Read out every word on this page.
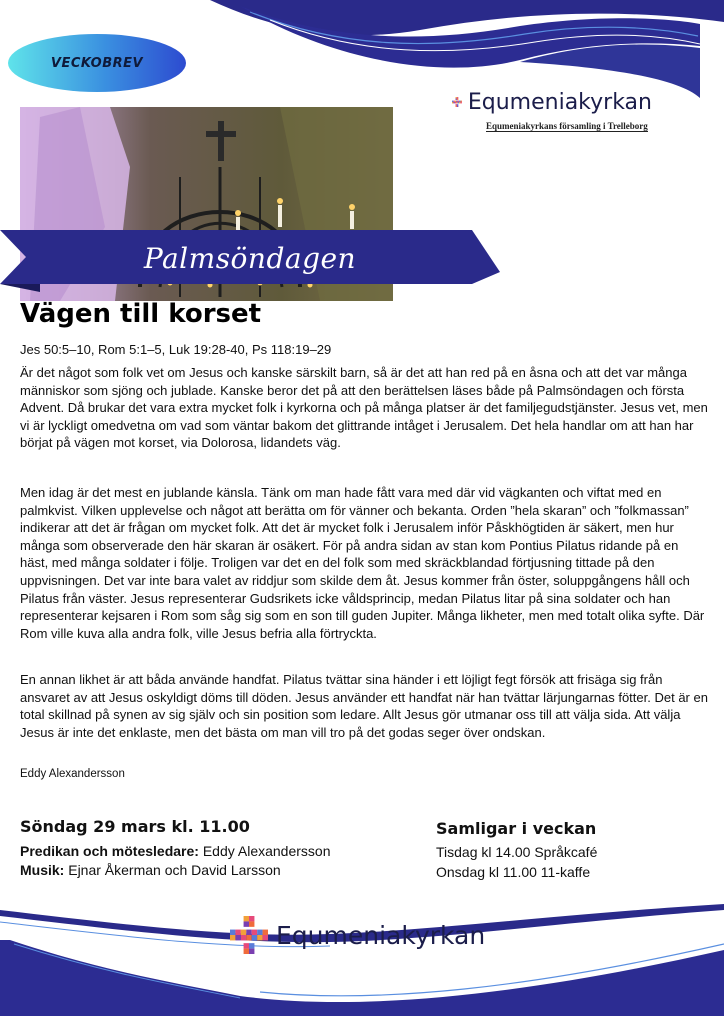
VECKOBREV
Equmeniakyrkan
Equmeniakyrkans församling i Trelleborg
Palmsöndagen
Vägen till korset
Jes 50:5–10, Rom 5:1–5, Luk 19:28-40, Ps 118:19–29

Är det något som folk vet om Jesus och kanske särskilt barn, så är det att han red på en åsna och att det var många människor som sjöng och jublade. Kanske beror det på att den berättelsen läses både på Palmsöndagen och första Advent. Då brukar det vara extra mycket folk i kyrkorna och på många platser är det familjegudstjänster. Jesus vet, men vi är lyckligt omedvetna om vad som väntar bakom det glittrande intåget i Jerusalem. Det hela handlar om att han har börjat på vägen mot korset, via Dolorosa, lidandets väg.

Men idag är det mest en jublande känsla. Tänk om man hade fått vara med där vid vägkanten och viftat med en palmkvist. Vilken upplevelse och något att berätta om för vänner och bekanta. Orden ”hela skaran” och ”folkmassan” indikerar att det är frågan om mycket folk. Att det är mycket folk i Jerusalem inför Påskhögtiden är säkert, men hur många som observerade den här skaran är osäkert. För på andra sidan av stan kom Pontius Pilatus ridande på en häst, med många soldater i följe. Troligen var det en del folk som med skräckblandad förtjusning tittade på den uppvisningen. Det var inte bara valet av riddjur som skilde dem åt. Jesus kommer från öster, soluppgångens håll och Pilatus från väster. Jesus representerar Gudsrikets icke våldsprincip, medan Pilatus litar på sina soldater och han representerar kejsaren i Rom som såg sig som en son till guden Jupiter. Många likheter, men med totalt olika syfte. Där Rom ville kuva alla andra folk, ville Jesus befria alla förtryckta.

En annan likhet är att båda använde handfat. Pilatus tvättar sina händer i ett löjligt fegt försök att frisäga sig från ansvaret av att Jesus oskyldigt döms till döden. Jesus använder ett handfat när han tvättar lärjungarnas fötter. Det är en total skillnad på synen av sig själv och sin position som ledare. Allt Jesus gör utmanar oss till att välja sida. Att välja Jesus är inte det enklaste, men det bästa om man vill tro på det godas seger över ondskan.

Eddy Alexandersson
Söndag 29 mars kl. 11.00
Predikan och mötesledare: Eddy Alexandersson
Musik: Ejnar Åkerman och David Larsson
Samligar i veckan
Tisdag kl 14.00 Språkcafé
Onsdag kl 11.00 11-kaffe
Equmeniakyrkan
